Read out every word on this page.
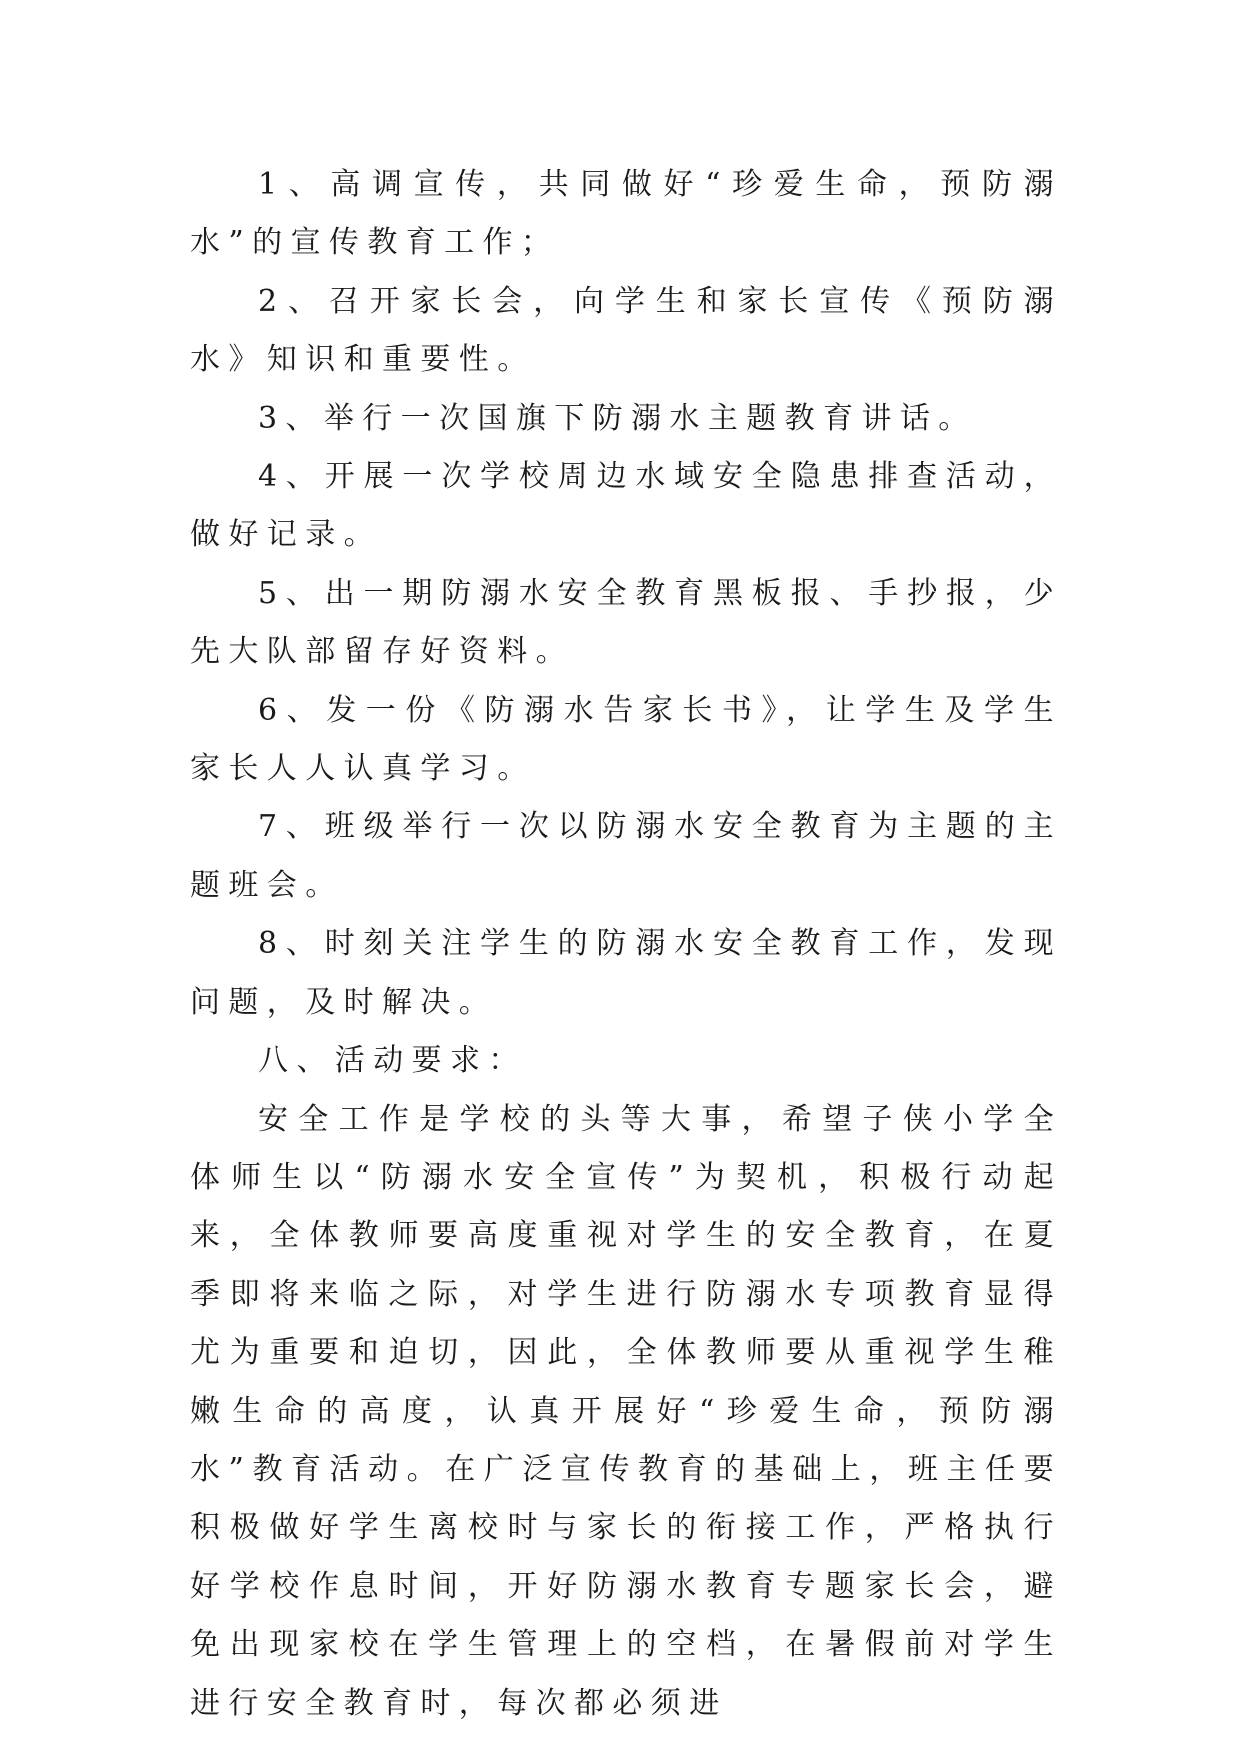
1、高调宣传，共同做好“珍爱生命，预防溺水”的宣传教育工作；

2、召开家长会，向学生和家长宣传《预防溺水》知识和重要性。

3、举行一次国旗下防溺水主题教育讲话。

4、开展一次学校周边水域安全隐患排查活动，做好记录。

5、出一期防溺水安全教育黑板报、手抄报，少先大队部留存好资料。

6、发一份《防溺水告家长书》，让学生及学生家长人人认真学习。

7、班级举行一次以防溺水安全教育为主题的主题班会。

8、时刻关注学生的防溺水安全教育工作，发现问题，及时解决。

八、活动要求：

安全工作是学校的头等大事，希望子侠小学全体师生以“防溺水安全宣传”为契机，积极行动起来，全体教师要高度重视对学生的安全教育，在夏季即将来临之际，对学生进行防溺水专项教育显得尤为重要和迫切，因此，全体教师要从重视学生稚嫩生命的高度，认真开展好“珍爱生命，预防溺水”教育活动。在广泛宣传教育的基础上，班主任要积极做好学生离校时与家长的衔接工作，严格执行好学校作息时间，开好防溺水教育专题家长会，避免出现家校在学生管理上的空档，在暑假前对学生进行安全教育时，每次都必须进
